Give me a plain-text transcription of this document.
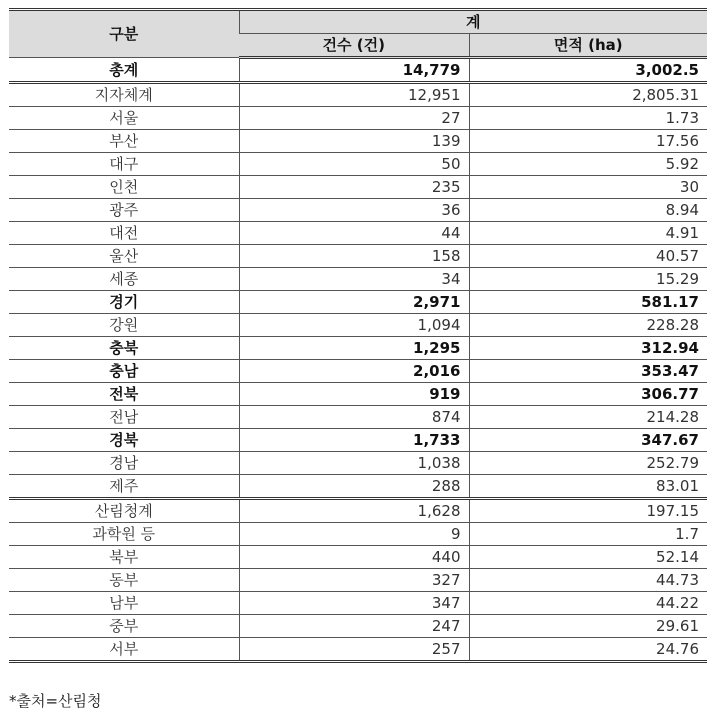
구분	계	
	건수 (건)	면적 (ha)
총계	14,779	3,002.5
지자체계	12,951	2,805.31
서울	27	1.73
부산	139	17.56
대구	50	5.92
인천	235	30
광주	36	8.94
대전	44	4.91
울산	158	40.57
세종	34	15.29
경기	2,971	581.17
강원	1,094	228.28
충북	1,295	312.94
충남	2,016	353.47
전북	919	306.77
전남	874	214.28
경북	1,733	347.67
경남	1,038	252.79
제주	288	83.01
산림청계	1,628	197.15
과학원 등	9	1.7
북부	440	52.14
동부	327	44.73
남부	347	44.22
중부	247	29.61
서부	257	24.76
*출처=산림청
